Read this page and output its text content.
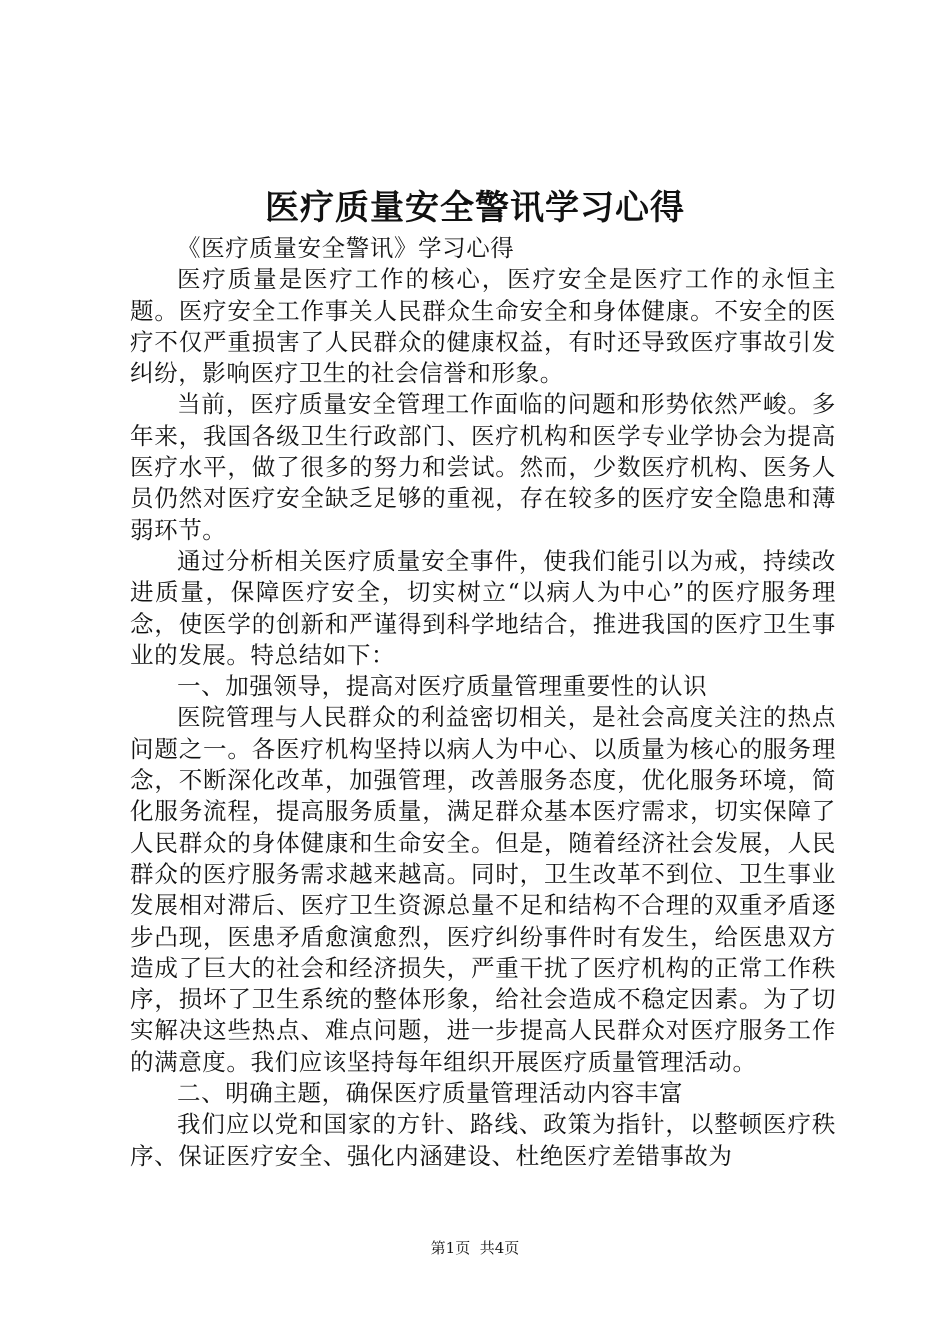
医疗质量安全警讯学习心得

《医疗质量安全警讯》学习心得

医疗质量是医疗工作的核心，医疗安全是医疗工作的永恒主题。医疗安全工作事关人民群众生命安全和身体健康。不安全的医疗不仅严重损害了人民群众的健康权益，有时还导致医疗事故引发纠纷，影响医疗卫生的社会信誉和形象。

当前，医疗质量安全管理工作面临的问题和形势依然严峻。多年来，我国各级卫生行政部门、医疗机构和医学专业学协会为提高医疗水平，做了很多的努力和尝试。然而，少数医疗机构、医务人员仍然对医疗安全缺乏足够的重视，存在较多的医疗安全隐患和薄弱环节。

通过分析相关医疗质量安全事件，使我们能引以为戒，持续改进质量，保障医疗安全，切实树立“以病人为中心”的医疗服务理念，使医学的创新和严谨得到科学地结合，推进我国的医疗卫生事业的发展。特总结如下：

一、加强领导，提高对医疗质量管理重要性的认识

医院管理与人民群众的利益密切相关，是社会高度关注的热点问题之一。各医疗机构坚持以病人为中心、以质量为核心的服务理念，不断深化改革，加强管理，改善服务态度，优化服务环境，简化服务流程，提高服务质量，满足群众基本医疗需求，切实保障了人民群众的身体健康和生命安全。但是，随着经济社会发展，人民群众的医疗服务需求越来越高。同时，卫生改革不到位、卫生事业发展相对滞后、医疗卫生资源总量不足和结构不合理的双重矛盾逐步凸现，医患矛盾愈演愈烈，医疗纠纷事件时有发生，给医患双方造成了巨大的社会和经济损失，严重干扰了医疗机构的正常工作秩序，损坏了卫生系统的整体形象，给社会造成不稳定因素。为了切实解决这些热点、难点问题，进一步提高人民群众对医疗服务工作的满意度。我们应该坚持每年组织开展医疗质量管理活动。

二、明确主题，确保医疗质量管理活动内容丰富

我们应以党和国家的方针、路线、政策为指针，以整顿医疗秩序、保证医疗安全、强化内涵建设、杜绝医疗差错事故为

第1页 共4页
